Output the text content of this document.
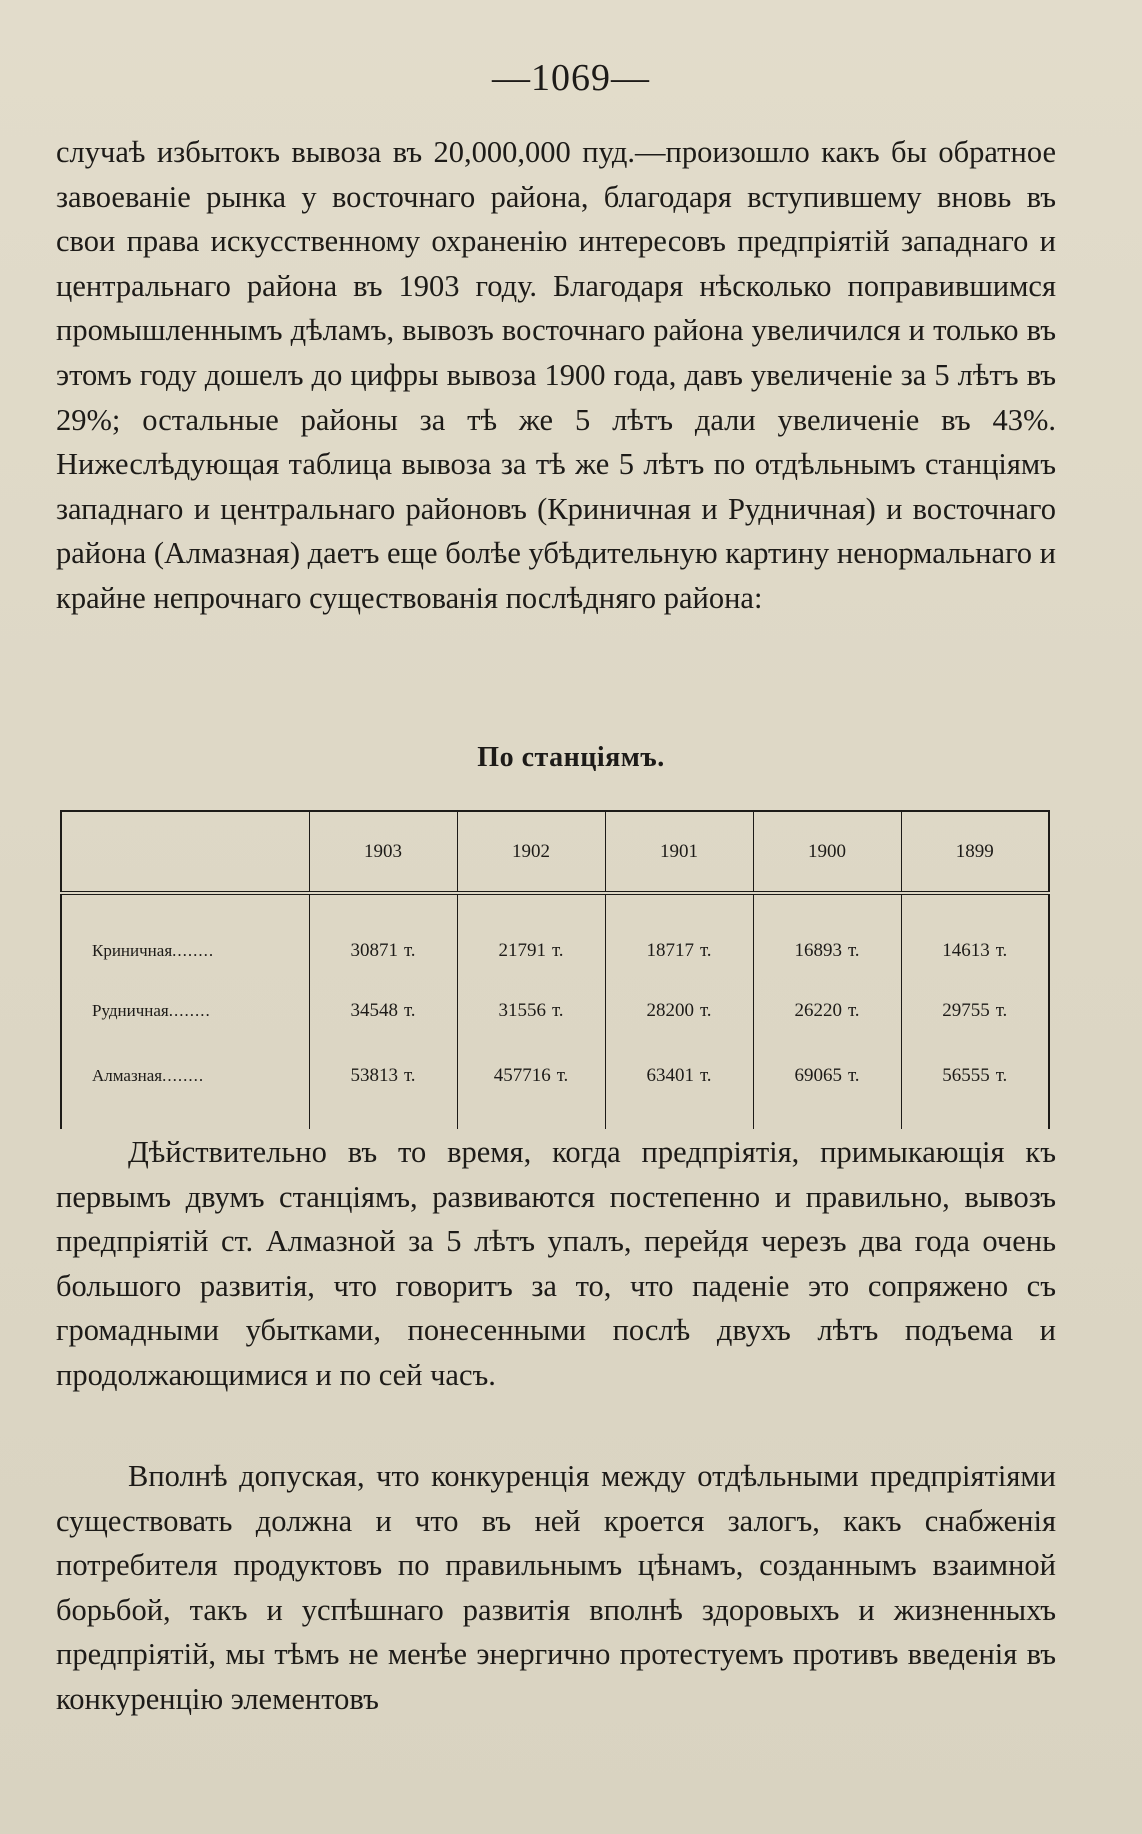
—1069—

случаѣ избытокъ вывоза въ 20,000,000 пуд.—произошло какъ бы обратное завоеванiе рынка у восточнаго района, благодаря вступившему вновь въ свои права искусственному охраненiю интересовъ предпрiятiй западнаго и центральнаго района въ 1903 году. Благодаря нѣсколько поправившимся промышленнымъ дѣламъ, вывозъ восточнаго района увеличился и только въ этомъ году дошелъ до цифры вывоза 1900 года, давъ увеличенiе за 5 лѣтъ въ 29%; остальные районы за тѣ же 5 лѣтъ дали увеличенiе въ 43%. Нижеслѣдующая таблица вывоза за тѣ же 5 лѣтъ по отдѣльнымъ станцiямъ западнаго и центральнаго районовъ (Криничная и Рудничная) и восточнаго района (Алмазная) даетъ еще болѣе убѣдительную картину ненормальнаго и крайне непрочнаго существованiя послѣдняго района:

По станцiямъ.
	1903	1902	1901	1900	1899
Криничная ........	30871 т.	21791 т.	18717 т.	16893 т.	14613 т.
Рудничная ........	34548 т.	31556 т.	28200 т.	26220 т.	29755 т.
Алмазная ........	53813 т.	457716 т.	63401 т.	69065 т.	56555 т.

Дѣйствительно въ то время, когда предпрiятiя, примыкающiя къ первымъ двумъ станцiямъ, развиваются постепенно и правильно, вывозъ предпрiятiй ст. Алмазной за 5 лѣтъ упалъ, перейдя черезъ два года очень большого развитiя, что говоритъ за то, что паденiе это сопряжено съ громадными убытками, понесенными послѣ двухъ лѣтъ подъема и продолжающимися и по сей часъ.

Вполнѣ допуская, что конкуренцiя между отдѣльными предпрiятiями существовать должна и что въ ней кроется залогъ, какъ снабженiя потребителя продуктовъ по правильнымъ цѣнамъ, созданнымъ взаимной борьбой, такъ и успѣшнаго развитiя вполнѣ здоровыхъ и жизненныхъ предпрiятiй, мы тѣмъ не менѣе энергично протестуемъ противъ введенiя въ конкуренцiю элементовъ
